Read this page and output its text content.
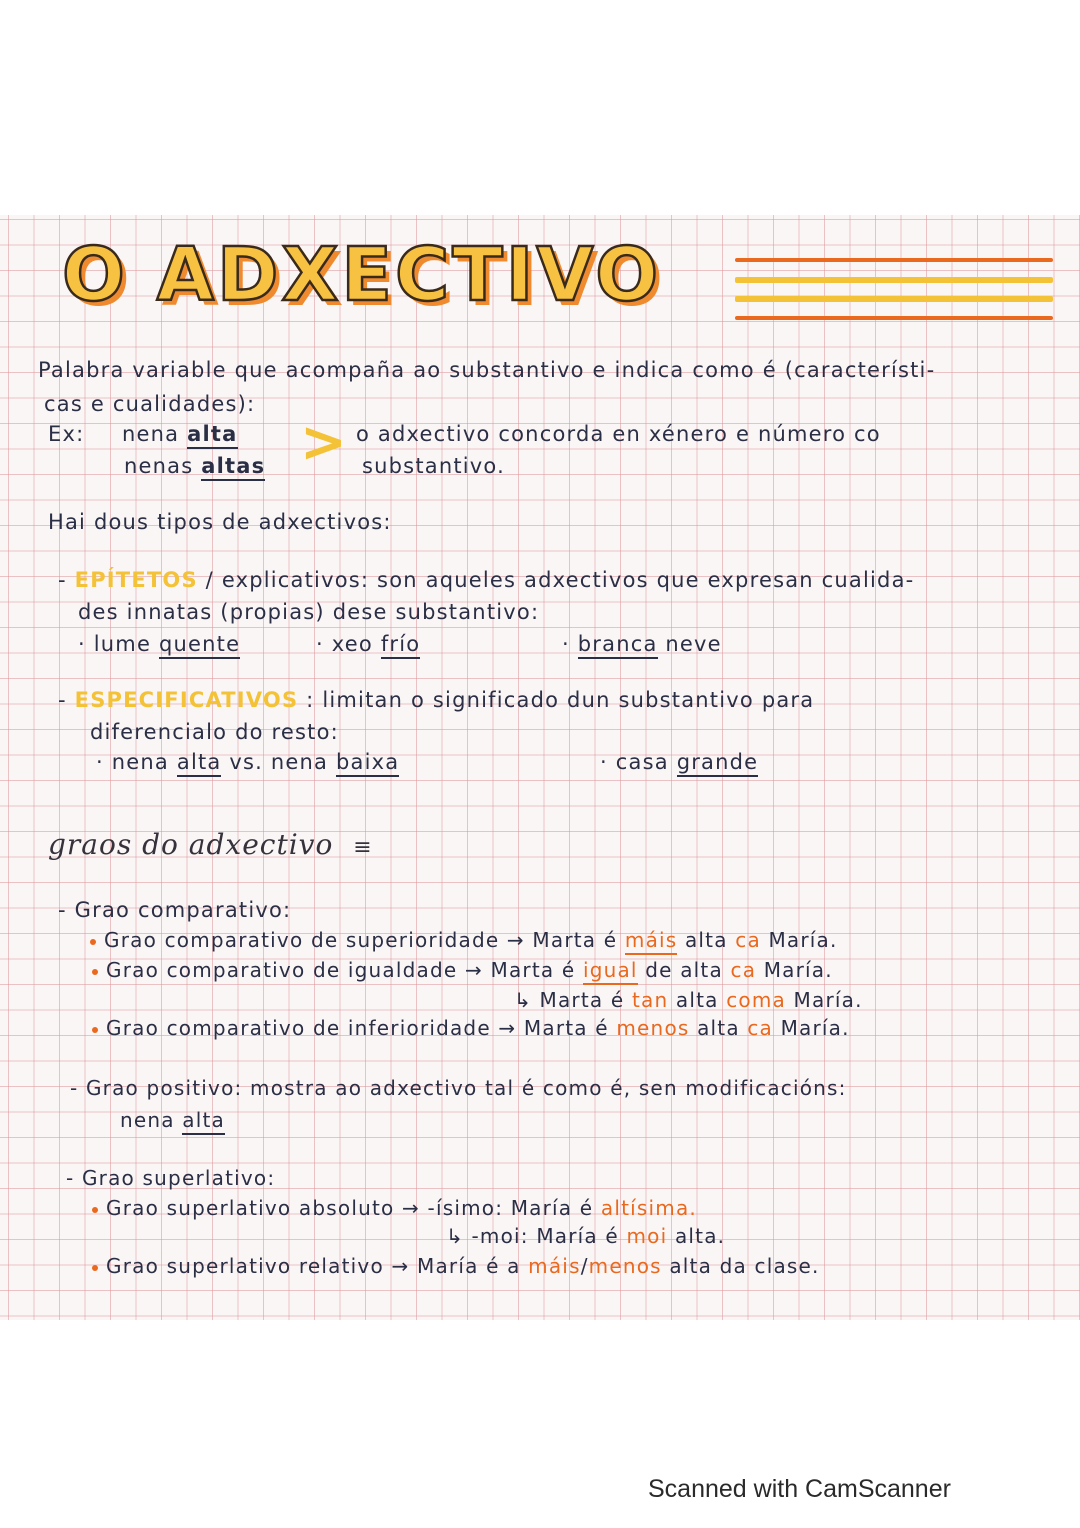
O ADXECTIVO
Palabra variable que acompaña ao substantivo e indica como é (característi-
cas e cualidades):
Ex: nena alta
nenas altas > o adxectivo concorda en xénero e número co
substantivo.
Hai dous tipos de adxectivos:
- EPÍTETOS / explicativos: son aqueles adxectivos que expresan cualida-
des innatas (propias) dese substantivo:
· lume quente	· xeo frío	· branca neve
- ESPECIFICATIVOS : limitan o significado dun substantivo para
diferencialo do resto:
· nena alta vs. nena baixa	· casa grande
graos do adxectivo ≡
- Grao comparativo:
Grao comparativo de superioridade → Marta é máis alta ca María.
Grao comparativo de igualdade → Marta é igual de alta ca María.
↳ Marta é tan alta coma María.
Grao comparativo de inferioridade → Marta é menos alta ca María.
- Grao positivo: mostra ao adxectivo tal é como é, sen modificacións:
nena alta
- Grao superlativo:
Grao superlativo absoluto → -ísimo: María é altísima.
↳ -moi: María é moi alta.
Grao superlativo relativo → María é a máis/menos alta da clase.
Scanned with CamScanner
